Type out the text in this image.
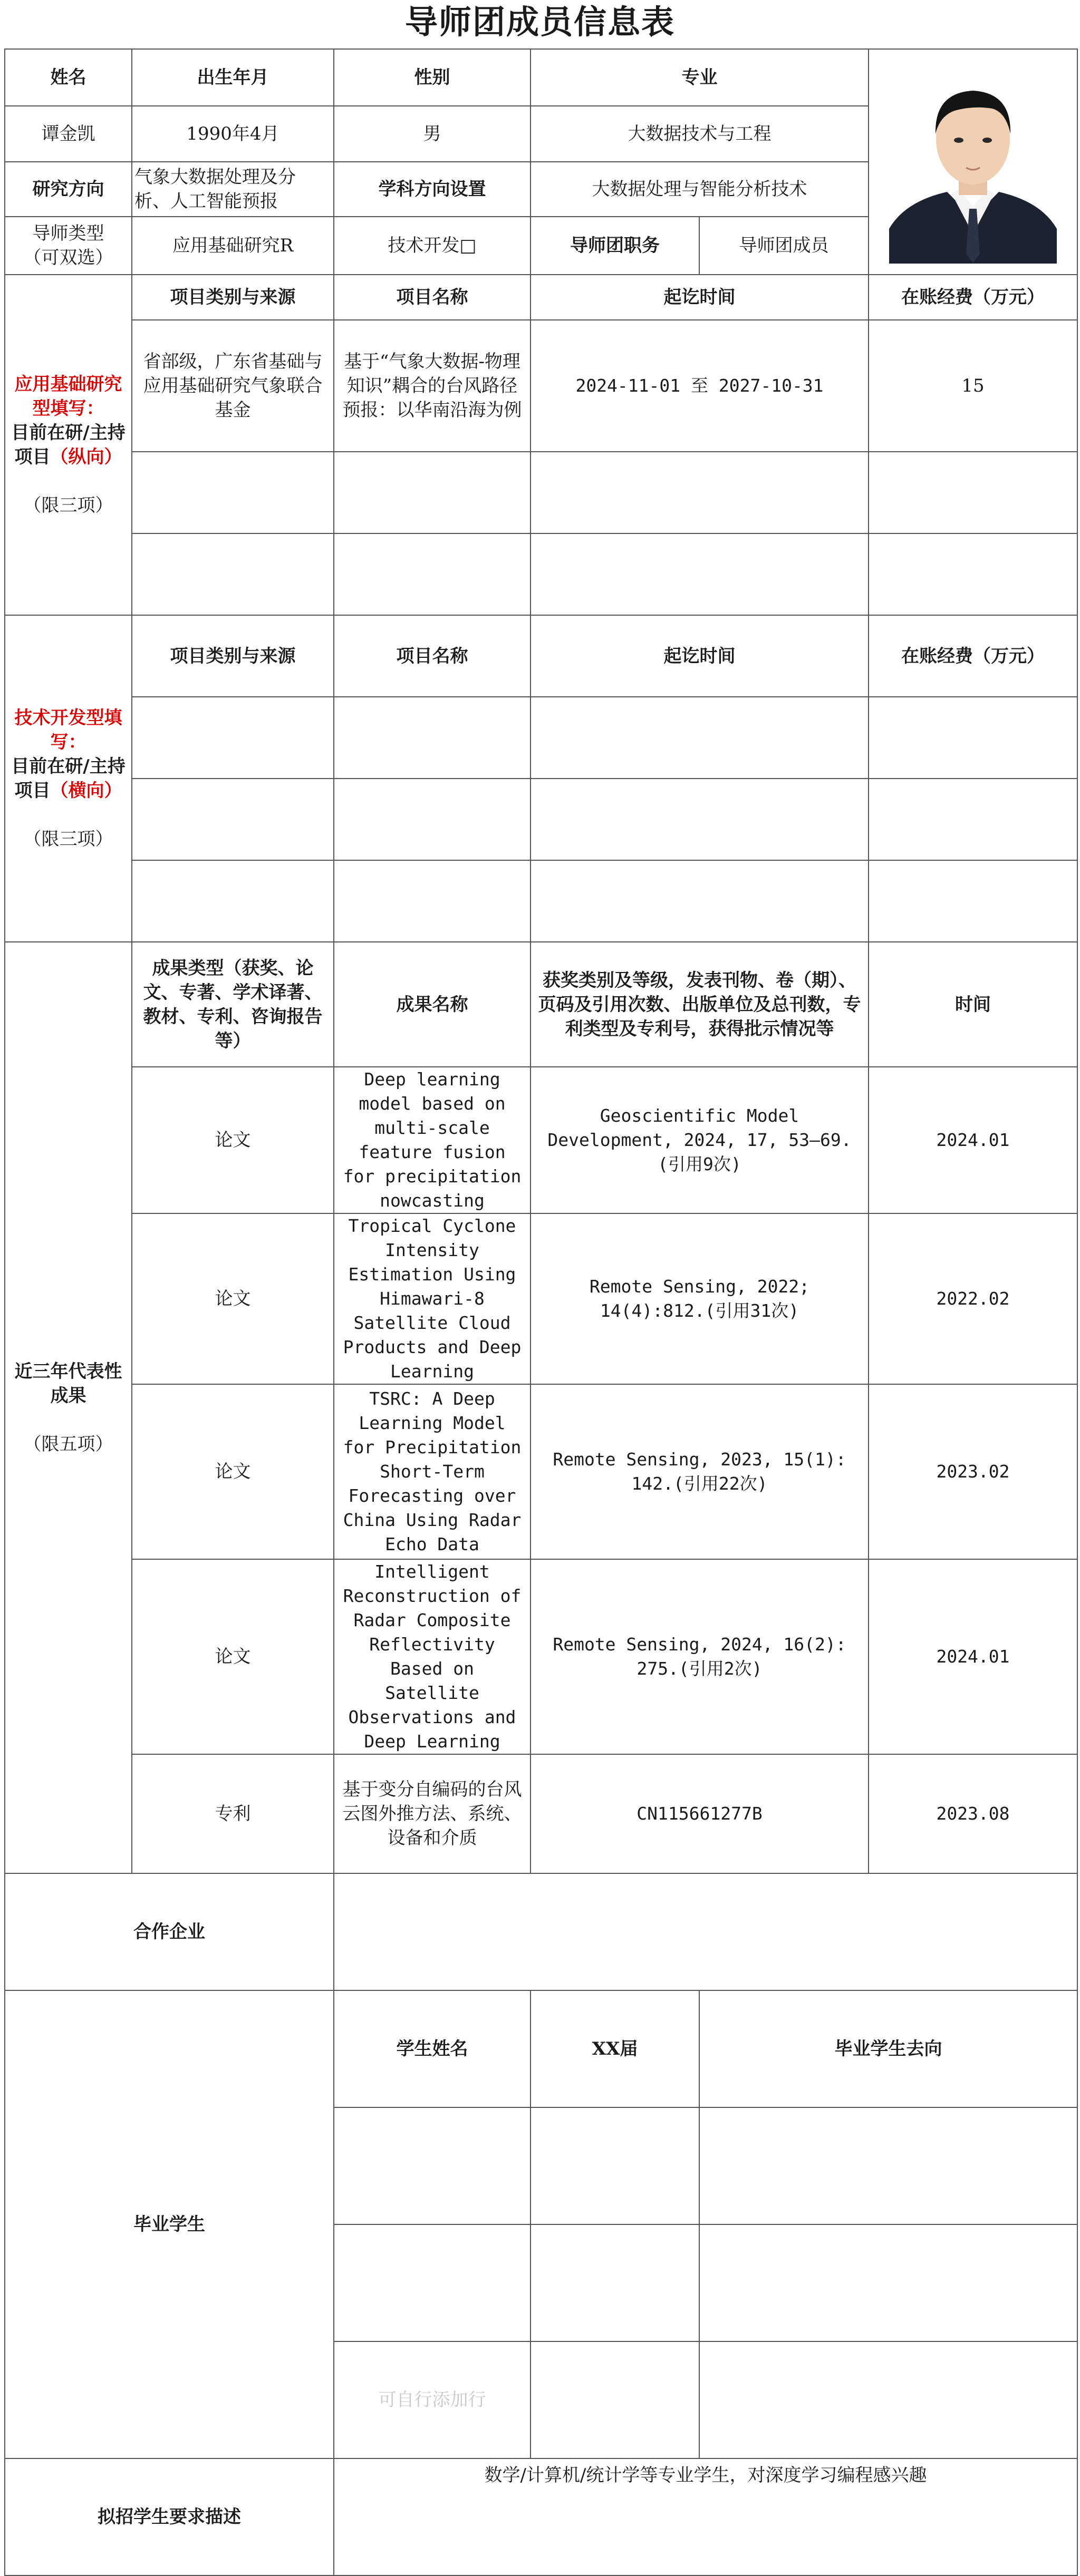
导师团成员信息表
姓名	出生年月	性别	专业	

谭金凯	1990年4月	男	大数据技术与工程		
研究方向	气象大数据处理及分析、人工智能预报	学科方向设置	大数据处理与智能分析技术		
导师类型（可双选）	应用基础研究R	技术开发□	导师团职务	导师团成员	
应用基础研究型填写：
目前在研/主持项目（纵向）

（限三项）	项目类别与来源	项目名称	起讫时间		在账经费（万元）
	省部级，广东省基础与应用基础研究气象联合基金	基于“气象大数据-物理知识”耦合的台风路径预报：以华南沿海为例	2024-11-01 至 2027-10-31		15

技术开发型填写：
目前在研/主持项目（横向）

（限三项）	项目类别与来源	项目名称	起讫时间		在账经费（万元）

近三年代表性成果

（限五项）	成果类型（获奖、论文、专著、学术译著、教材、专利、咨询报告等）	成果名称	获奖类别及等级，发表刊物、卷（期）、页码及引用次数、出版单位及总刊数，专利类型及专利号，获得批示情况等		时间
	论文	Deep learning model based on multi-scale feature fusion for precipitation nowcasting	Geoscientific Model Development, 2024, 17, 53–69. (引用9次)		2024.01
	论文	Tropical Cyclone Intensity Estimation Using Himawari-8 Satellite Cloud Products and Deep Learning	Remote Sensing, 2022; 14(4):812.(引用31次)		2022.02
	论文	TSRC: A Deep Learning Model for Precipitation Short-Term Forecasting over China Using Radar Echo Data	Remote Sensing, 2023, 15(1): 142.(引用22次)		2023.02
	论文	Intelligent Reconstruction of Radar Composite Reflectivity Based on Satellite Observations and Deep Learning	Remote Sensing, 2024, 16(2): 275.(引用2次)		2024.01
	专利	基于变分自编码的台风云图外推方法、系统、设备和介质	CN115661277B		2023.08
合作企业					
毕业学生		学生姓名	XX届	毕业学生去向	

		可自行添加行			
拟招学生要求描述		数学/计算机/统计学等专业学生，对深度学习编程感兴趣			
